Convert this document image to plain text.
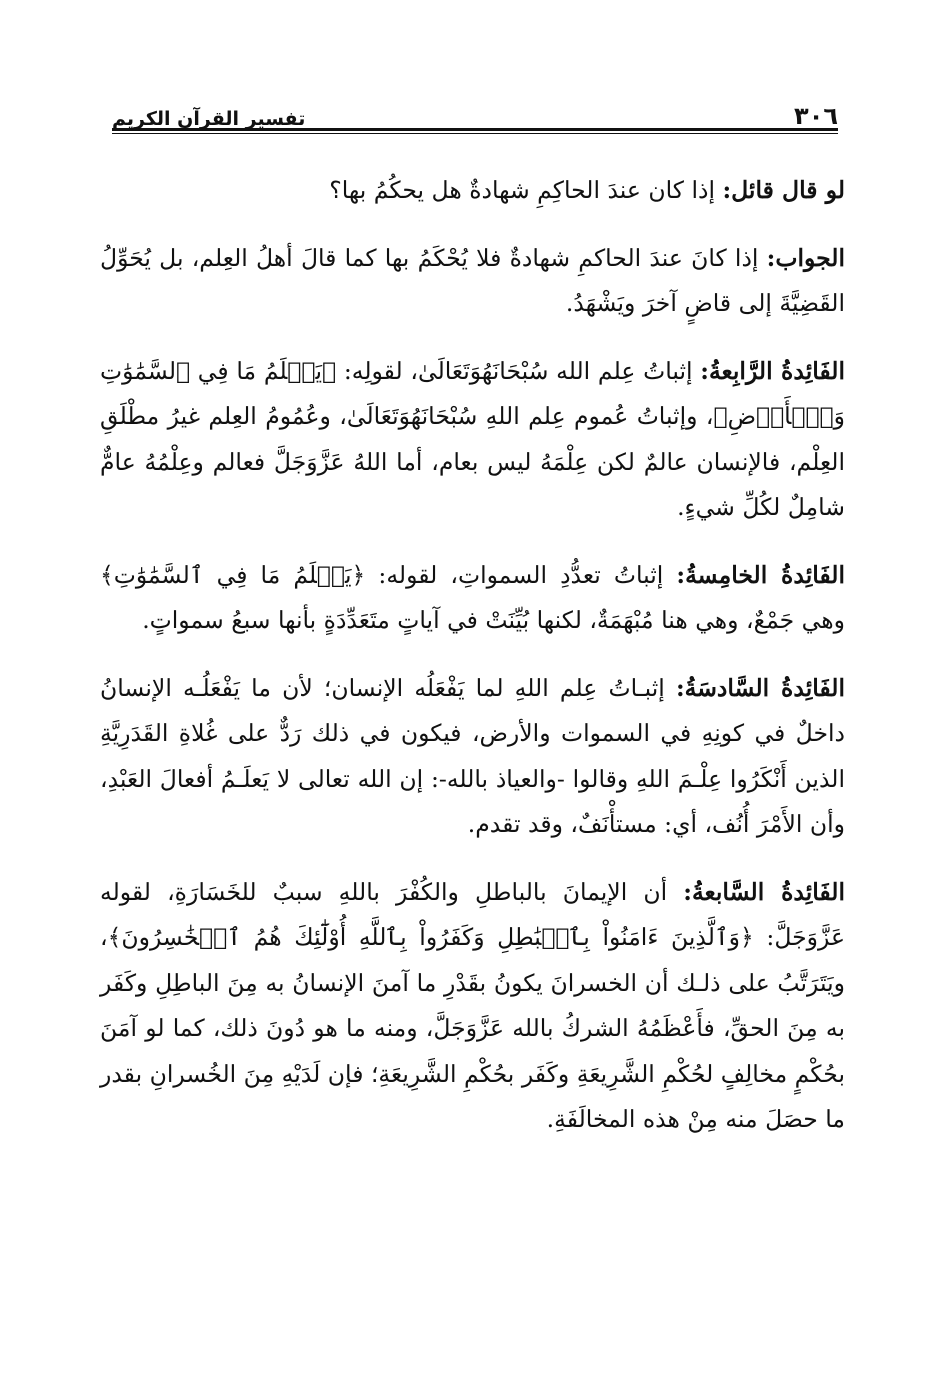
٣٠٦
تفسير القرآن الكريم

لو قال قائل: إذا كان عندَ الحاكِمِ شهادةٌ هل يحكُمُ بها؟

الجواب: إذا كانَ عندَ الحاكمِ شهادةٌ فلا يُحْكَمُ بها كما قالَ أهلُ العِلم، بل يُحَوِّلُ القَضِيَّةَ إلى قاضٍ آخرَ ويَشْهَدُ.

الفَائِدةُ الرَّابِعةُ: إثباتُ عِلم الله سُبْحَانَهُوَتَعَالَىٰ، لقولِه: ﴿يَعۡلَمُ مَا فِي ٱلسَّمَٰوَٰتِ وَٱلۡأَرۡضِ﴾، وإثباتُ عُموم عِلم اللهِ سُبْحَانَهُوَتَعَالَىٰ، وعُمُومُ العِلم غيرُ مطْلَقِ العِلْم، فالإنسان عالمٌ لكن عِلْمَهُ ليس بعام، أما اللهُ عَزَّوَجَلَّ فعالم وعِلْمُهُ عامٌّ شامِلٌ لكُلِّ شيءٍ.

الفَائِدةُ الخامِسةُ: إثباتُ تعدُّدِ السمواتِ، لقوله: ﴿يَعۡلَمُ مَا فِي ٱلسَّمَٰوَٰتِ﴾ وهي جَمْعٌ، وهي هنا مُبْهَمَةٌ، لكنها بُيِّنَتْ في آياتٍ متَعَدِّدَةٍ بأنها سبعُ سمواتٍ.

الفَائِدةُ السَّادسَةُ: إثبـاتُ عِلم اللهِ لما يَفْعَلُه الإنسان؛ لأن ما يَفْعَلُـه الإنسانُ داخلٌ في كونِهِ في السموات والأرض، فيكون في ذلك رَدٌّ على غُلاةِ القَدَرِيَّةِ الذين أَنْكَرُوا عِلْـمَ اللهِ وقالوا -والعياذ بالله-: إن الله تعالى لا يَعلَـمُ أفعالَ العَبْدِ، وأن الأَمْرَ أُنُف، أي: مستأْنَفٌ، وقد تقدم.

الفَائِدةُ السَّابعةُ: أن الإيمانَ بالباطلِ والكُفْرَ باللهِ سببٌ للخَسَارَةِ، لقوله عَزَّوَجَلَّ: ﴿وَٱلَّذِينَ ءَامَنُواْ بِٱلۡبَٰطِلِ وَكَفَرُواْ بِٱللَّهِ أُوْلَٰٓئِكَ هُمُ ٱلۡخَٰسِرُونَ﴾، ويَتَرَتَّبُ على ذلـك أن الخسرانَ يكونُ بقَدْرِ ما آمنَ الإنسانُ به مِنَ الباطِلِ وكَفَر به مِنَ الحقِّ، فأَعْظَمُهُ الشركُ بالله عَزَّوَجَلَّ، ومنه ما هو دُونَ ذلك، كما لو آمَنَ بحُكْمٍ مخالِفٍ لحُكْمِ الشَّرِيعَةِ وكَفَر بحُكْمِ الشَّرِيعَةِ؛ فإن لَدَيْهِ مِنَ الخُسرانِ بقدر ما حصَلَ منه مِنْ هذه المخالَفَةِ.
